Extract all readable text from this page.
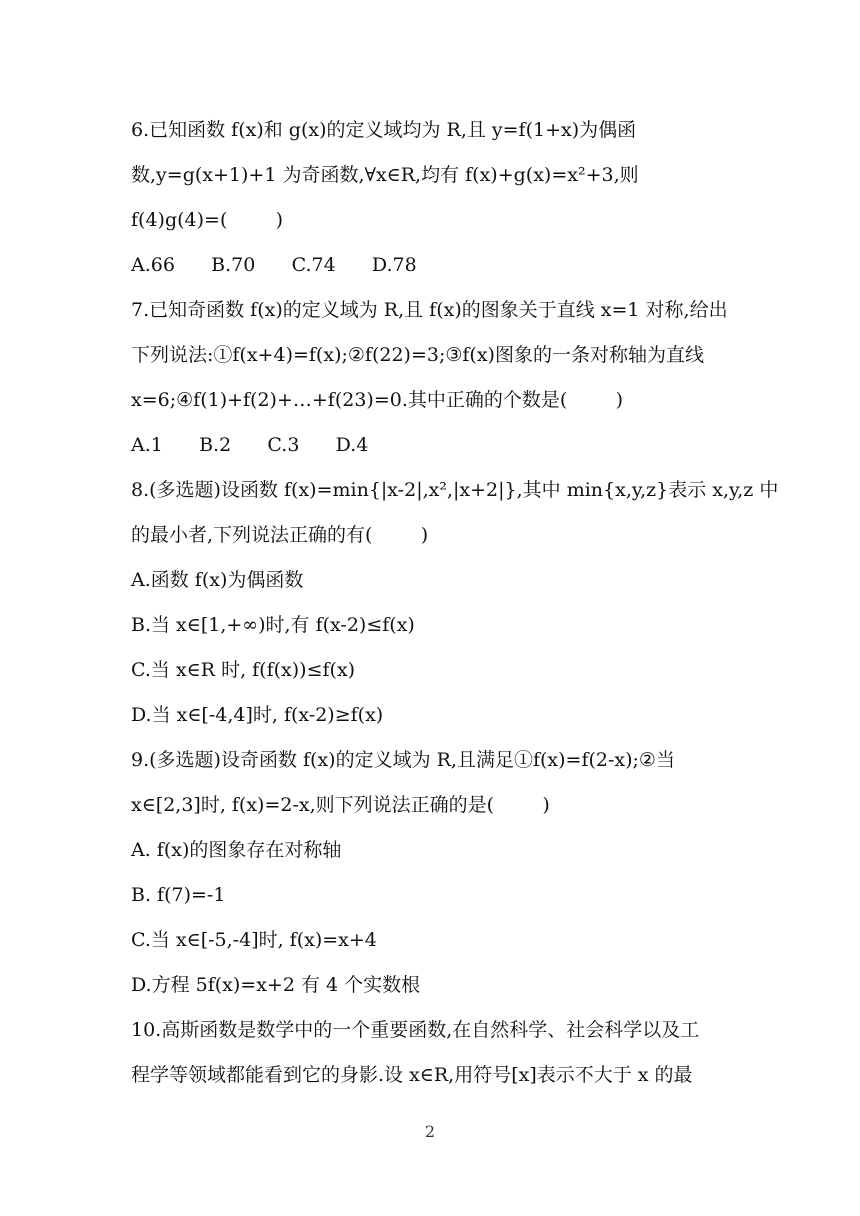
6.已知函数 f(x)和 g(x)的定义域均为 R,且 y=f(1+x)为偶函
数,y=g(x+1)+1 为奇函数,∀x∈R,均有 f(x)+g(x)=x²+3,则
f(4)g(4)=(        )
A.66      B.70      C.74      D.78
7.已知奇函数 f(x)的定义域为 R,且 f(x)的图象关于直线 x=1 对称,给出
下列说法:①f(x+4)=f(x);②f(22)=3;③f(x)图象的一条对称轴为直线
x=6;④f(1)+f(2)+…+f(23)=0.其中正确的个数是(        )
A.1      B.2      C.3      D.4
8.(多选题)设函数 f(x)=min{|x-2|,x²,|x+2|},其中 min{x,y,z}表示 x,y,z 中
的最小者,下列说法正确的有(        )
A.函数 f(x)为偶函数
B.当 x∈[1,+∞)时,有 f(x-2)≤f(x)
C.当 x∈R 时, f(f(x))≤f(x)
D.当 x∈[-4,4]时, f(x-2)≥f(x)
9.(多选题)设奇函数 f(x)的定义域为 R,且满足①f(x)=f(2-x);②当
x∈[2,3]时, f(x)=2-x,则下列说法正确的是(        )
A. f(x)的图象存在对称轴
B. f(7)=-1
C.当 x∈[-5,-4]时, f(x)=x+4
D.方程 5f(x)=x+2 有 4 个实数根
10.高斯函数是数学中的一个重要函数,在自然科学、社会科学以及工
程学等领域都能看到它的身影.设 x∈R,用符号[x]表示不大于 x 的最
2
